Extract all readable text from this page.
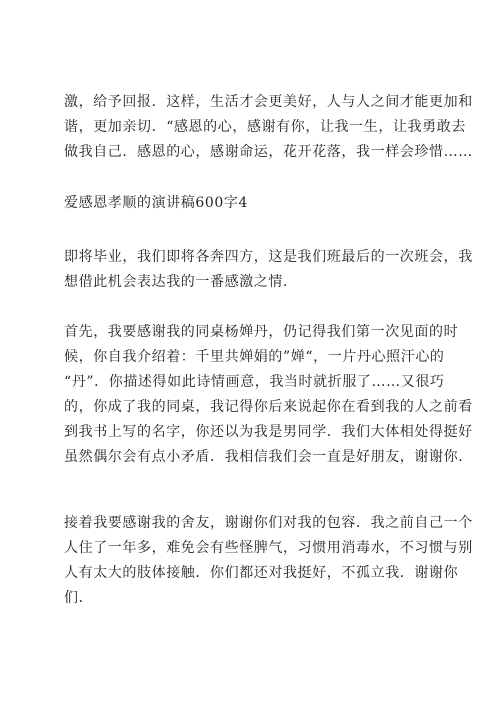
激，给予回报．这样，生活才会更美好，人与人之间才能更加和
谐，更加亲切．“感恩的心，感谢有你，让我一生，让我勇敢去
做我自己．感恩的心，感谢命运，花开花落，我一样会珍惜……

爱感恩孝顺的演讲稿600字4

即将毕业，我们即将各奔四方，这是我们班最后的一次班会，我
想借此机会表达我的一番感激之情．

首先，我要感谢我的同桌杨婵丹，仍记得我们第一次见面的时
候，你自我介绍着：千里共婵娟的”婵“，一片丹心照汗心的
“丹”．你描述得如此诗情画意，我当时就折服了……又很巧
的，你成了我的同桌，我记得你后来说起你在看到我的人之前看
到我书上写的名字，你还以为我是男同学．我们大体相处得挺好
虽然偶尔会有点小矛盾．我相信我们会一直是好朋友，谢谢你．

接着我要感谢我的舍友，谢谢你们对我的包容．我之前自己一个
人住了一年多，难免会有些怪脾气，习惯用消毒水，不习惯与别
人有太大的肢体接触．你们都还对我挺好，不孤立我．谢谢你
们．
